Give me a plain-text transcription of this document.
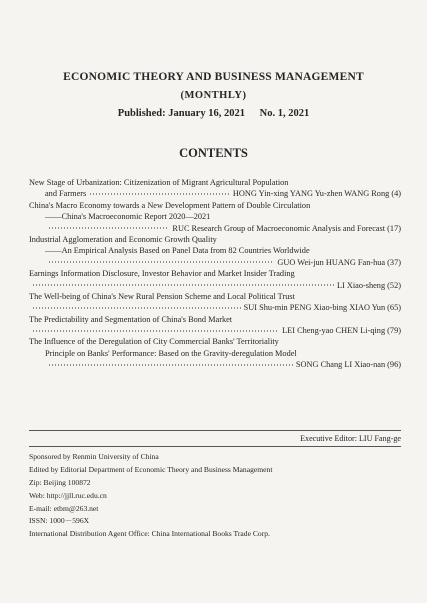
ECONOMIC THEORY AND BUSINESS MANAGEMENT
(MONTHLY)
Published: January 16, 2021 No. 1, 2021
CONTENTS
New Stage of Urbanization: Citizenization of Migrant Agricultural Population
and Farmers	HONG Yin-xing YANG Yu-zhen WANG Rong (4)
China's Macro Economy towards a New Development Pattern of Double Circulation
——China's Macroeconomic Report 2020—2021
RUC Research Group of Macroeconomic Analysis and Forecast (17)
Industrial Agglomeration and Economic Growth Quality
——An Empirical Analysis Based on Panel Data from 82 Countries Worldwide
GUO Wei-jun HUANG Fan-hua (37)
Earnings Information Disclosure, Investor Behavior and Market Insider Trading
LI Xiao-sheng (52)
The Well-being of China's New Rural Pension Scheme and Local Political Trust
SUI Shu-min PENG Xiao-bing XIAO Yun (65)
The Predictability and Segmentation of China's Bond Market
LEI Cheng-yao CHEN Li-qing (79)
The Influence of the Deregulation of City Commercial Banks' Territoriality
Principle on Banks' Performance: Based on the Gravity-deregulation Model
SONG Chang LI Xiao-nan (96)
Executive Editor: LIU Fang-ge
Sponsored by Renmin University of China
Edited by Editorial Department of Economic Theory and Business Management
Zip: Beijing 100872
Web: http://jjll.ruc.edu.cn
E-mail: etbm@263.net
ISSN: 1000－596X
International Distribution Agent Office: China International Books Trade Corp.
